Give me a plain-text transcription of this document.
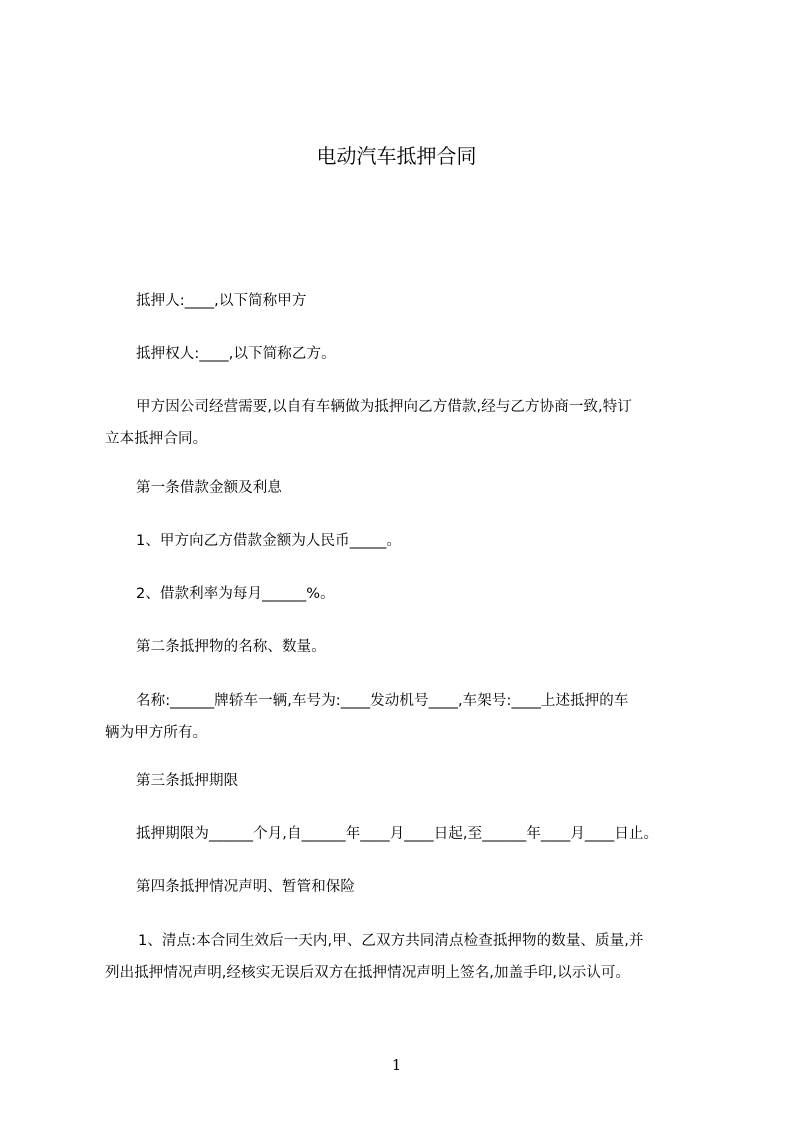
电动汽车抵押合同
抵押人:____,以下简称甲方
抵押权人:____,以下简称乙方。
甲方因公司经营需要,以自有车辆做为抵押向乙方借款,经与乙方协商一致,特订
立本抵押合同。
第一条借款金额及利息
1、甲方向乙方借款金额为人民币_____。
2、借款利率为每月______%。
第二条抵押物的名称、数量。
名称:______牌轿车一辆,车号为:____发动机号____,车架号:____上述抵押的车
辆为甲方所有。
第三条抵押期限
抵押期限为______个月,自______年____月____日起,至______年____月____日止。
第四条抵押情况声明、暂管和保险
1、清点:本合同生效后一天内,甲、乙双方共同清点检查抵押物的数量、质量,并
列出抵押情况声明,经核实无误后双方在抵押情况声明上签名,加盖手印,以示认可。
1
